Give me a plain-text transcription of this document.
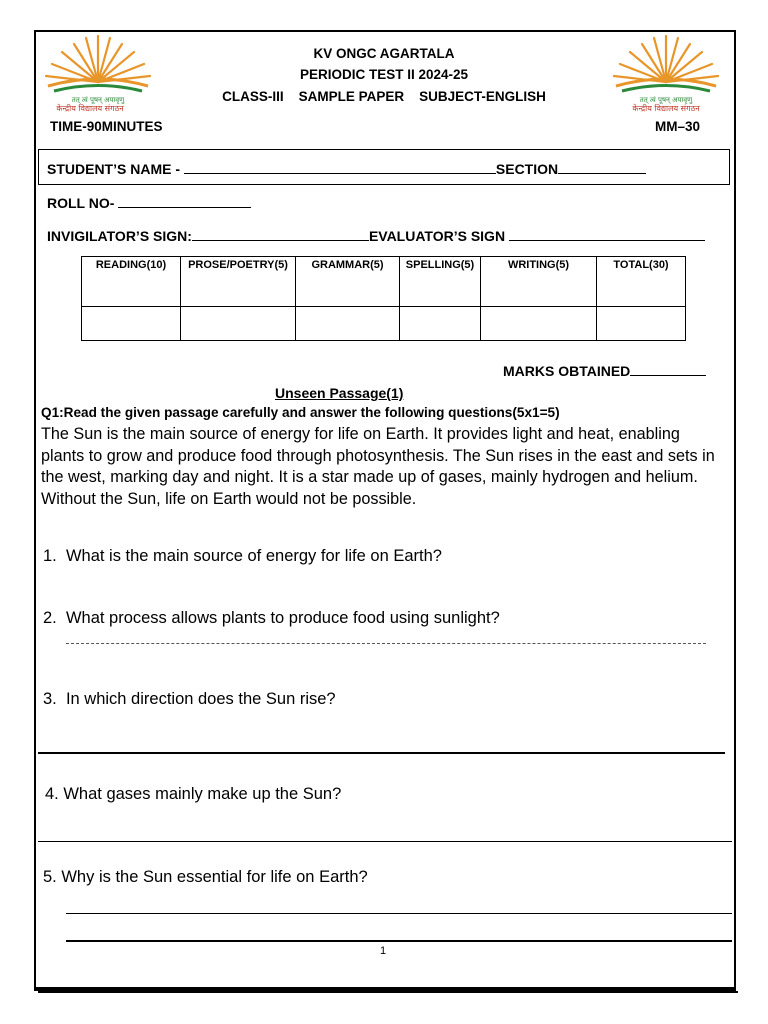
तत् त्वं पूषन् अपावृणु
केन्द्रीय विद्यालय संगठन
तत् त्वं पूषन् अपावृणु
केन्द्रीय विद्यालय संगठन
KV ONGC AGARTALA
PERIODIC TEST II 2024-25
CLASS-III    SAMPLE PAPER    SUBJECT-ENGLISH
TIME-90MINUTES	MM–30
STUDENT’S NAME -	SECTION
ROLL NO-
INVIGILATOR’S SIGN:	EVALUATOR’S SIGN
READING(10)	PROSE/POETRY(5)	GRAMMAR(5)	SPELLING(5)	WRITING(5)	TOTAL(30)

MARKS OBTAINED
Unseen Passage(1)
Q1:Read the given passage carefully and answer the following questions(5x1=5)
The Sun is the main source of energy for life on Earth. It provides light and heat, enabling plants to grow and produce food through photosynthesis. The Sun rises in the east and sets in the west, marking day and night. It is a star made up of gases, mainly hydrogen and helium. Without the Sun, life on Earth would not be possible.
1. What is the main source of energy for life on Earth?
2. What process allows plants to produce food using sunlight?
3. In which direction does the Sun rise?
4. What gases mainly make up the Sun?
5. Why is the Sun essential for life on Earth?
1
